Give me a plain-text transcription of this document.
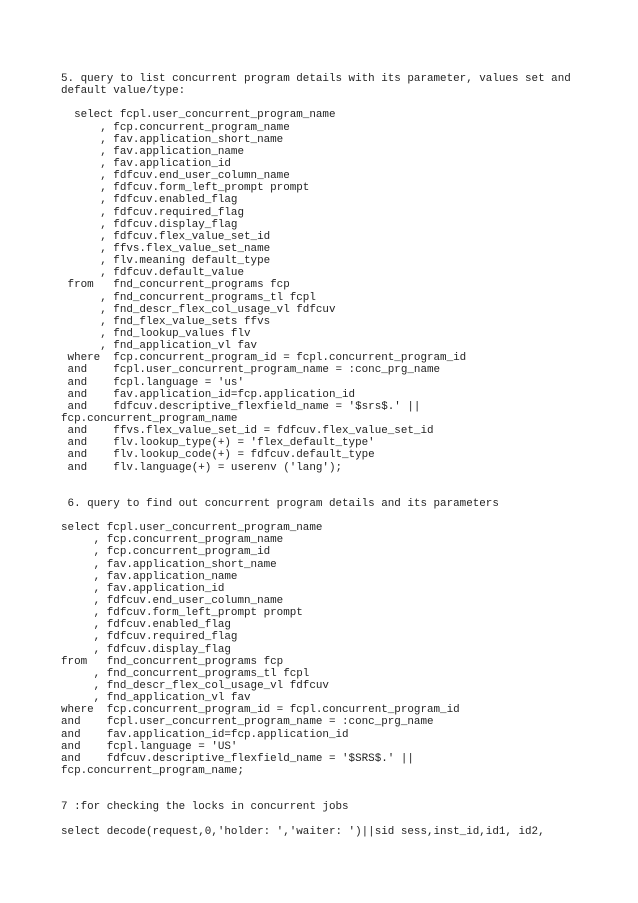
5. query to list concurrent program details with its parameter, values set and
default value/type:
select fcpl.user_concurrent_program_name
, fcp.concurrent_program_name
, fav.application_short_name
, fav.application_name
, fav.application_id
, fdfcuv.end_user_column_name
, fdfcuv.form_left_prompt prompt
, fdfcuv.enabled_flag
, fdfcuv.required_flag
, fdfcuv.display_flag
, fdfcuv.flex_value_set_id
, ffvs.flex_value_set_name
, flv.meaning default_type
, fdfcuv.default_value
from   fnd_concurrent_programs fcp
, fnd_concurrent_programs_tl fcpl
, fnd_descr_flex_col_usage_vl fdfcuv
, fnd_flex_value_sets ffvs
, fnd_lookup_values flv
, fnd_application_vl fav
where  fcp.concurrent_program_id = fcpl.concurrent_program_id
and    fcpl.user_concurrent_program_name = :conc_prg_name
and    fcpl.language = 'us'
and    fav.application_id=fcp.application_id
and    fdfcuv.descriptive_flexfield_name = '$srs$.' ||
fcp.concurrent_program_name
and    ffvs.flex_value_set_id = fdfcuv.flex_value_set_id
and    flv.lookup_type(+) = 'flex_default_type'
and    flv.lookup_code(+) = fdfcuv.default_type
and    flv.language(+) = userenv ('lang');
6. query to find out concurrent program details and its parameters
select fcpl.user_concurrent_program_name
, fcp.concurrent_program_name
, fcp.concurrent_program_id
, fav.application_short_name
, fav.application_name
, fav.application_id
, fdfcuv.end_user_column_name
, fdfcuv.form_left_prompt prompt
, fdfcuv.enabled_flag
, fdfcuv.required_flag
, fdfcuv.display_flag
from   fnd_concurrent_programs fcp
, fnd_concurrent_programs_tl fcpl
, fnd_descr_flex_col_usage_vl fdfcuv
, fnd_application_vl fav
where  fcp.concurrent_program_id = fcpl.concurrent_program_id
and    fcpl.user_concurrent_program_name = :conc_prg_name
and    fav.application_id=fcp.application_id
and    fcpl.language = 'US'
and    fdfcuv.descriptive_flexfield_name = '$SRS$.' ||
fcp.concurrent_program_name;
7 :for checking the locks in concurrent jobs
select decode(request,0,'holder: ','waiter: ')||sid sess,inst_id,id1, id2,
